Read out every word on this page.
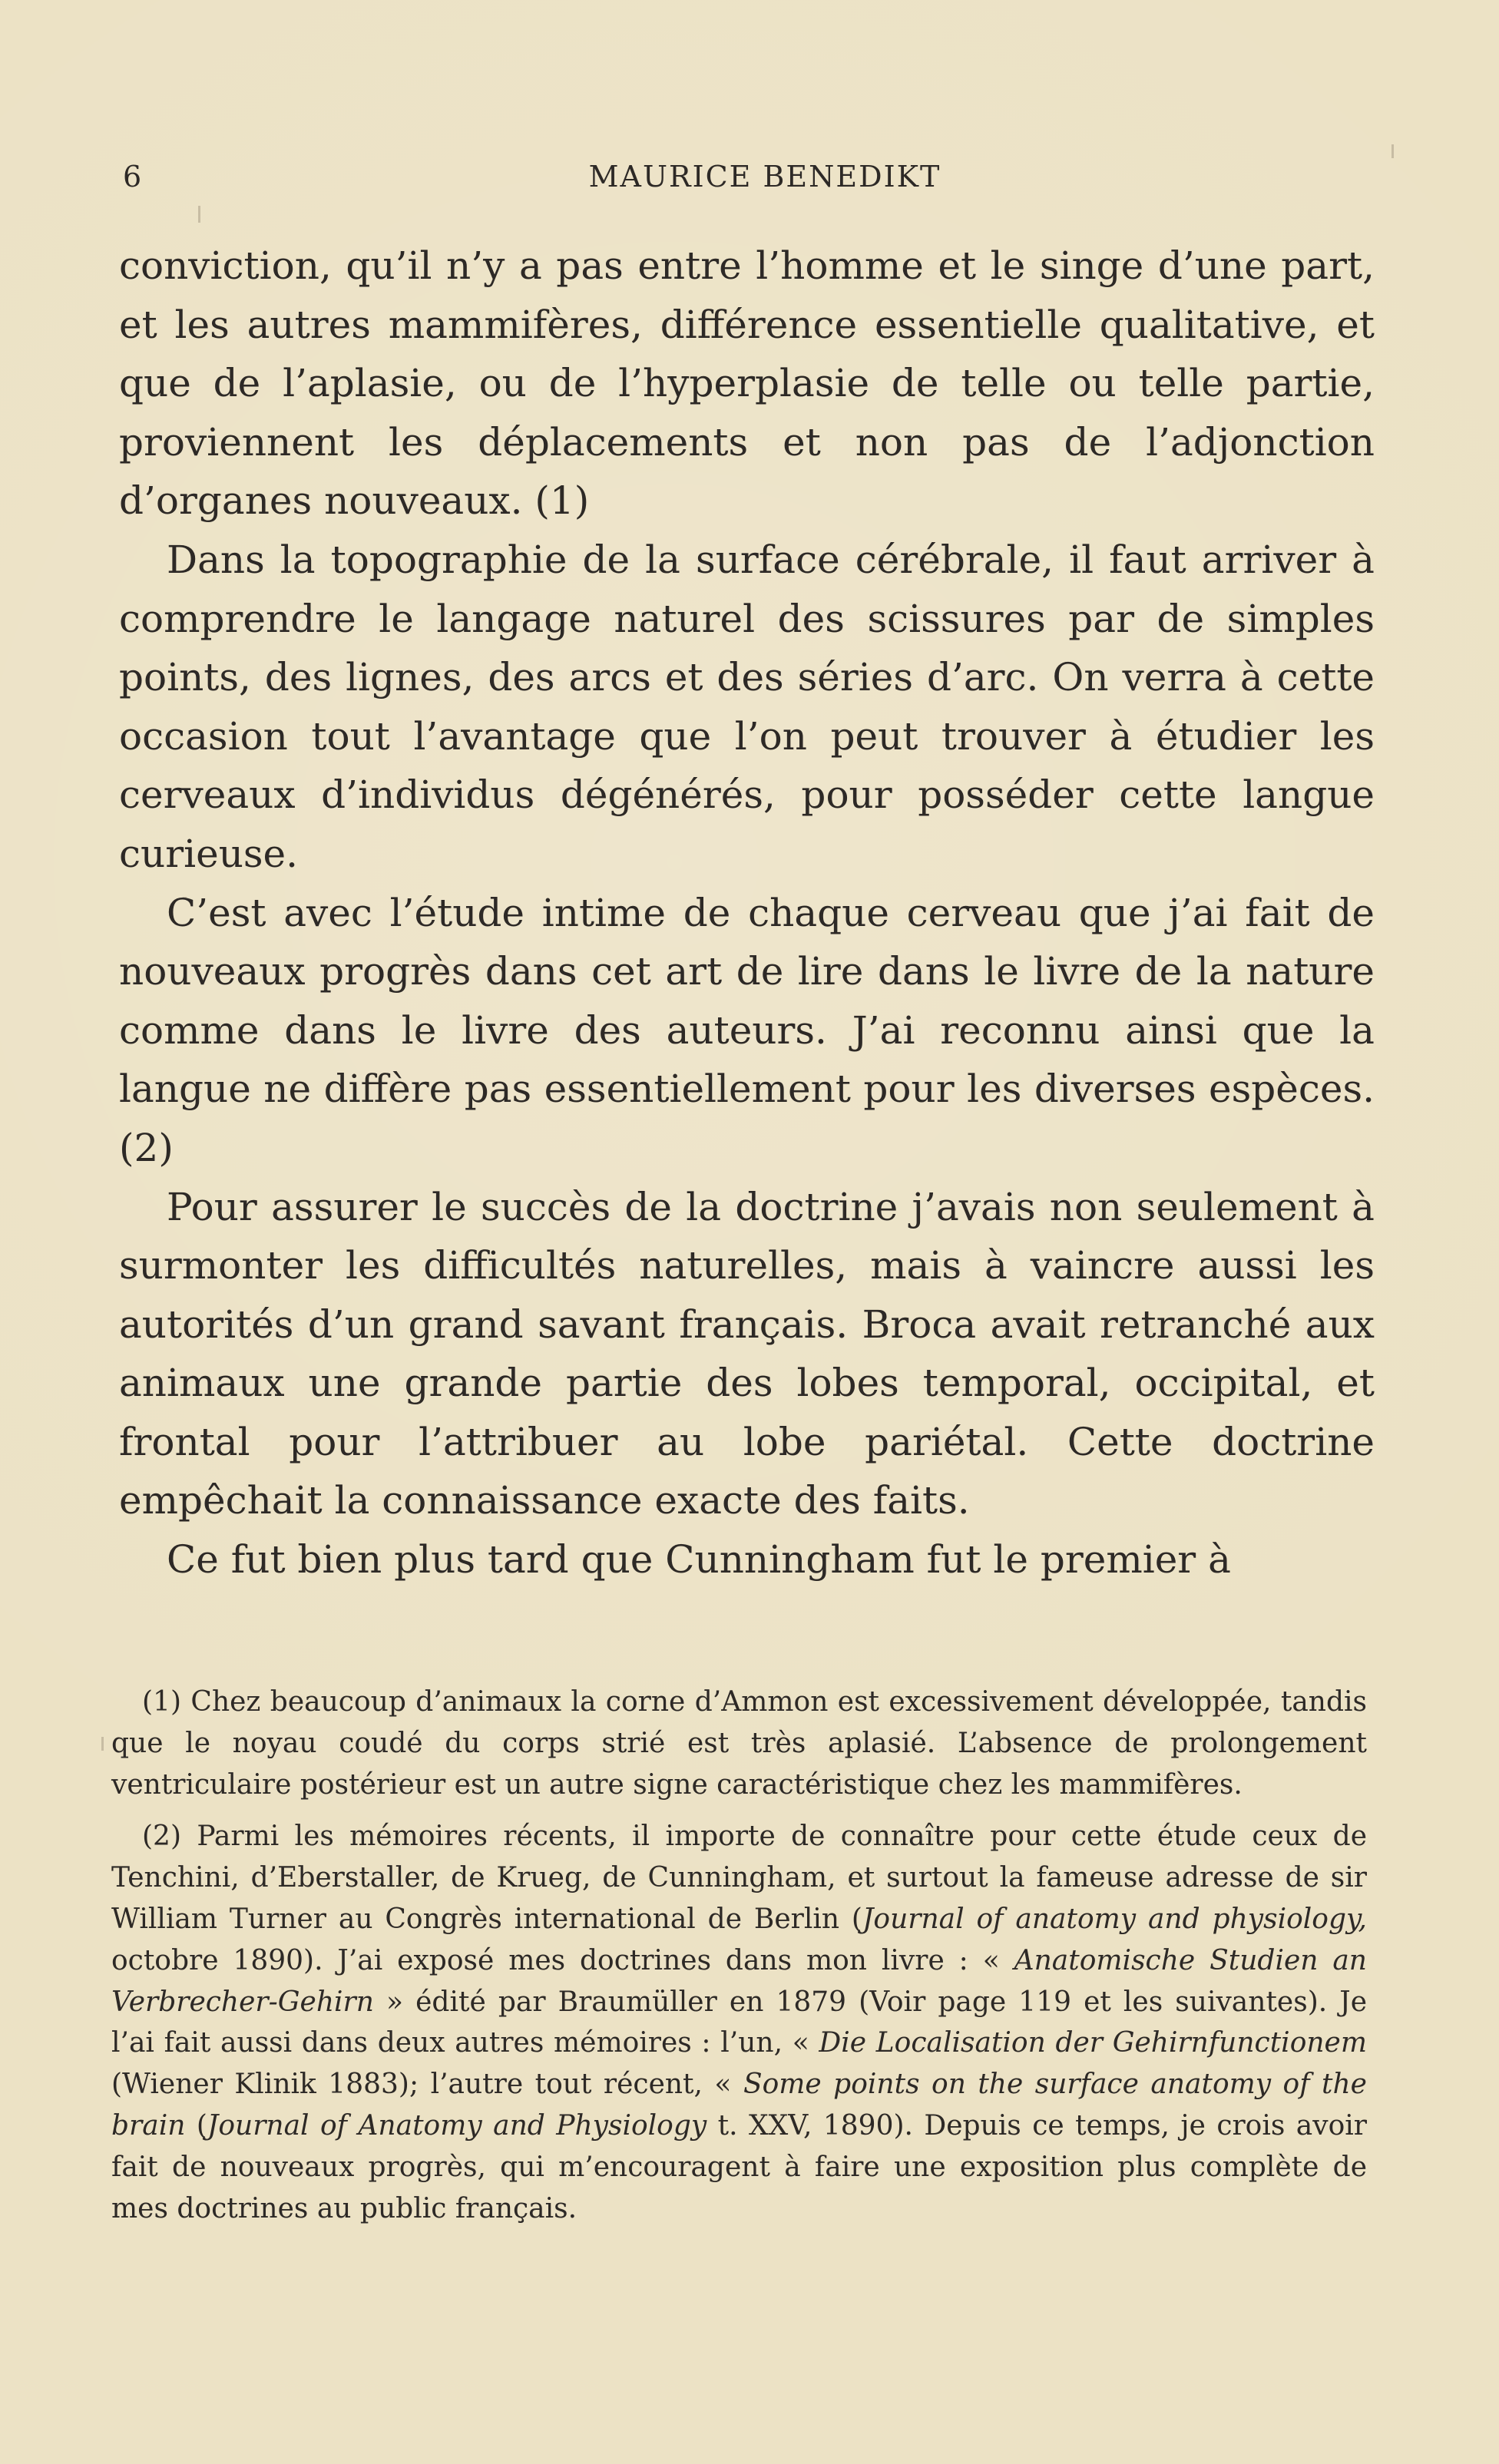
6	MAURICE BENEDIKT

conviction, qu’il n’y a pas entre l’homme et le singe d’une part, et les autres mammifères, différence essentielle qualitative, et que de l’aplasie, ou de l’hyperplasie de telle ou telle partie, proviennent les déplacements et non pas de l’adjonction d’organes nouveaux. (1)

Dans la topographie de la surface cérébrale, il faut arriver à comprendre le langage naturel des scissures par de simples points, des lignes, des arcs et des séries d’arc. On verra à cette occasion tout l’avantage que l’on peut trouver à étudier les cerveaux d’individus dégénérés, pour posséder cette langue curieuse.

C’est avec l’étude intime de chaque cerveau que j’ai fait de nouveaux progrès dans cet art de lire dans le livre de la nature comme dans le livre des auteurs. J’ai reconnu ainsi que la langue ne diffère pas essentiellement pour les diverses espèces. (2)

Pour assurer le succès de la doctrine j’avais non seulement à surmonter les difficultés naturelles, mais à vaincre aussi les autorités d’un grand savant français. Broca avait retranché aux animaux une grande partie des lobes temporal, occipital, et frontal pour l’attribuer au lobe pariétal. Cette doctrine empêchait la connaissance exacte des faits.

Ce fut bien plus tard que Cunningham fut le premier à

(1) Chez beaucoup d’animaux la corne d’Ammon est excessivement développée, tandis que le noyau coudé du corps strié est très aplasié. L’absence de prolongement ventriculaire postérieur est un autre signe caractéristique chez les mammifères.

(2) Parmi les mémoires récents, il importe de connaître pour cette étude ceux de Tenchini, d’Eberstaller, de Krueg, de Cunningham, et surtout la fameuse adresse de sir William Turner au Congrès international de Berlin (Journal of anatomy and physiology, octobre 1890). J’ai exposé mes doctrines dans mon livre : « Anatomische Studien an Verbrecher-Gehirn » édité par Braumüller en 1879 (Voir page 119 et les suivantes). Je l’ai fait aussi dans deux autres mémoires : l’un, « Die Localisation der Gehirnfunctionem (Wiener Klinik 1883); l’autre tout récent, « Some points on the surface anatomy of the brain (Journal of Anatomy and Physiology t. XXV, 1890). Depuis ce temps, je crois avoir fait de nouveaux progrès, qui m’encouragent à faire une exposition plus complète de mes doctrines au public français.
